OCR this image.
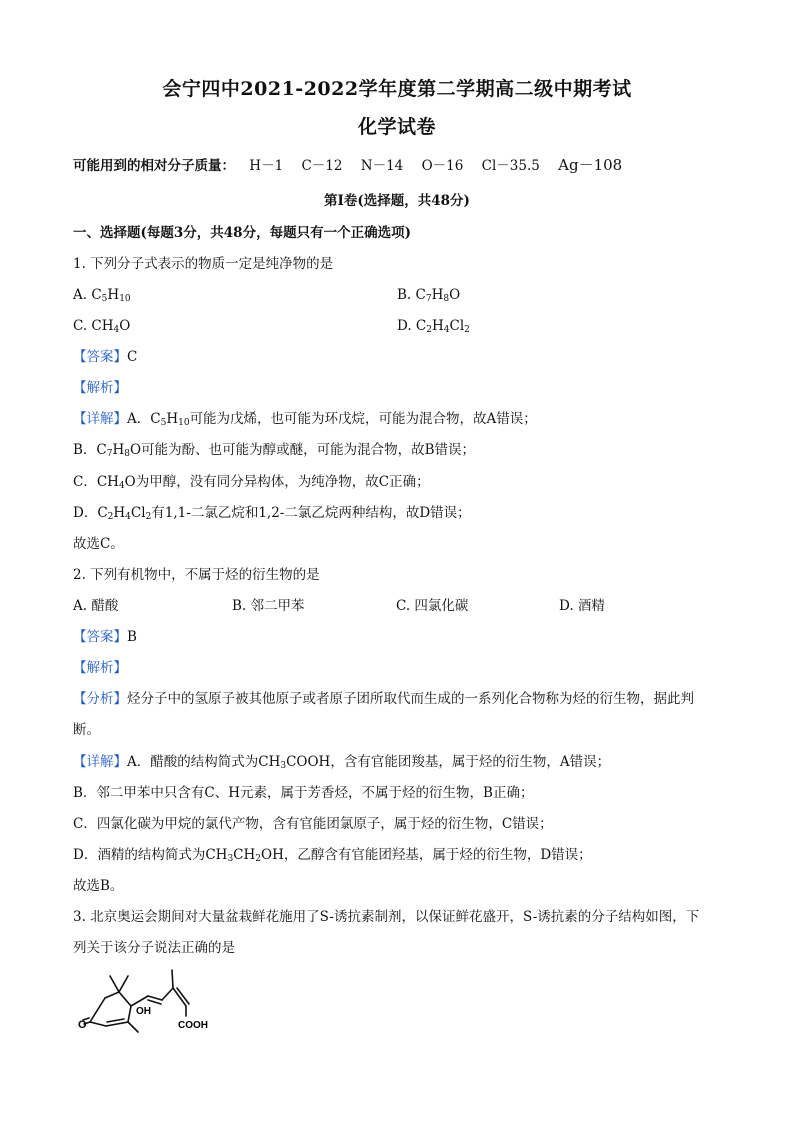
会宁四中2021-2022学年度第二学期高二级中期考试
化学试卷
可能用到的相对分子质量： H－1 C－12 N－14 O－16 Cl－35.5 Ag－108
第Ⅰ卷(选择题，共48分)
一、选择题(每题3分，共48分，每题只有一个正确选项)
1. 下列分子式表示的物质一定是纯净物的是
A. $C_5H_{10}$	B. $C_7H_8O$
C. $CH_4O$	D. $C_2H_4Cl_2$
【答案】C
【解析】
【详解】A．$C_5H_{10}$可能为戊烯，也可能为环戊烷，可能为混合物，故A错误；
B．$C_7H_8O$可能为酚、也可能为醇或醚，可能为混合物，故B错误；
C．$CH_4O$为甲醇，没有同分异构体，为纯净物，故C正确；
D．$C_2H_4Cl_2$有1,1-二氯乙烷和1,2-二氯乙烷两种结构，故D错误；
故选C。
2. 下列有机物中，不属于烃的衍生物的是
A. 醋酸	B. 邻二甲苯	C. 四氯化碳	D. 酒精
【答案】B
【解析】
【分析】烃分子中的氢原子被其他原子或者原子团所取代而生成的一系列化合物称为烃的衍生物，据此判
断。
【详解】A．醋酸的结构简式为$CH_3COOH$，含有官能团羧基，属于烃的衍生物，A错误；
B．邻二甲苯中只含有C、H元素，属于芳香烃，不属于烃的衍生物，B正确；
C．四氯化碳为甲烷的氯代产物，含有官能团氯原子，属于烃的衍生物，C错误；
D．酒精的结构简式为$CH_3CH_2OH$，乙醇含有官能团羟基，属于烃的衍生物，D错误；
故选B。
3. 北京奥运会期间对大量盆栽鲜花施用了S-诱抗素制剂，以保证鲜花盛开，S-诱抗素的分子结构如图，下
列关于该分子说法正确的是
O
OH
COOH
